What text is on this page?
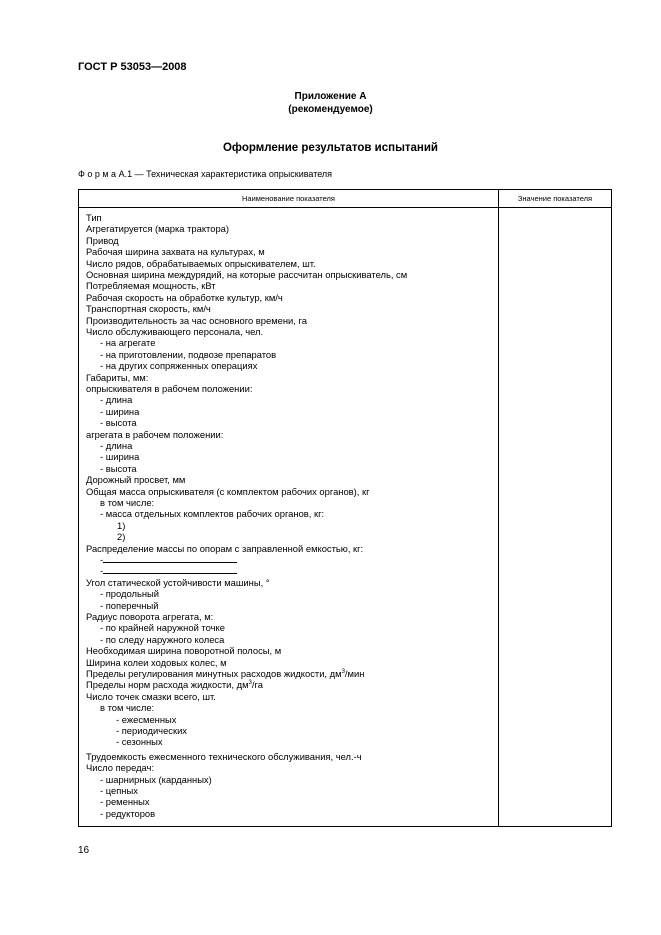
ГОСТ Р 53053—2008
Приложение А
(рекомендуемое)
Оформление результатов испытаний
Ф о р м а А.1 — Техническая характеристика опрыскивателя
Наименование показателя	Значение показателя
Тип
Агрегатируется (марка трактора)
Привод
Рабочая ширина захвата на культурах, м
Число рядов, обрабатываемых опрыскивателем, шт.
Основная ширина междурядий, на которые рассчитан опрыскиватель, см
Потребляемая мощность, кВт
Рабочая скорость на обработке культур, км/ч
Транспортная скорость, км/ч
Производительность за час основного времени, га
Число обслуживающего персонала, чел.
- на агрегате
- на приготовлении, подвозе препаратов
- на других сопряженных операциях
Габариты, мм:
опрыскивателя в рабочем положении:
- длина
- ширина
- высота
агрегата в рабочем положении:
- длина
- ширина
- высота
Дорожный просвет, мм
Общая масса опрыскивателя (с комплектом рабочих органов), кг
в том числе:
- масса отдельных комплектов рабочих органов, кг:
1)
2)
Распределение массы по опорам с заправленной емкостью, кг:
-
-
Угол статической устойчивости машины, °
- продольный
- поперечный
Радиус поворота агрегата, м:
- по крайней наружной точке
- по следу наружного колеса
Необходимая ширина поворотной полосы, м
Ширина колеи ходовых колес, м
Пределы регулирования минутных расходов жидкости, $дм^3$/мин
Пределы норм расхода жидкости, $дм^3/га$
Число точек смазки всего, шт.
в том числе:
- ежесменных
- периодических
- сезонных
Трудоемкость ежесменного технического обслуживания, чел.-ч
Число передач:
- шарнирных (карданных)
- цепных
- ременных
- редукторов
16
